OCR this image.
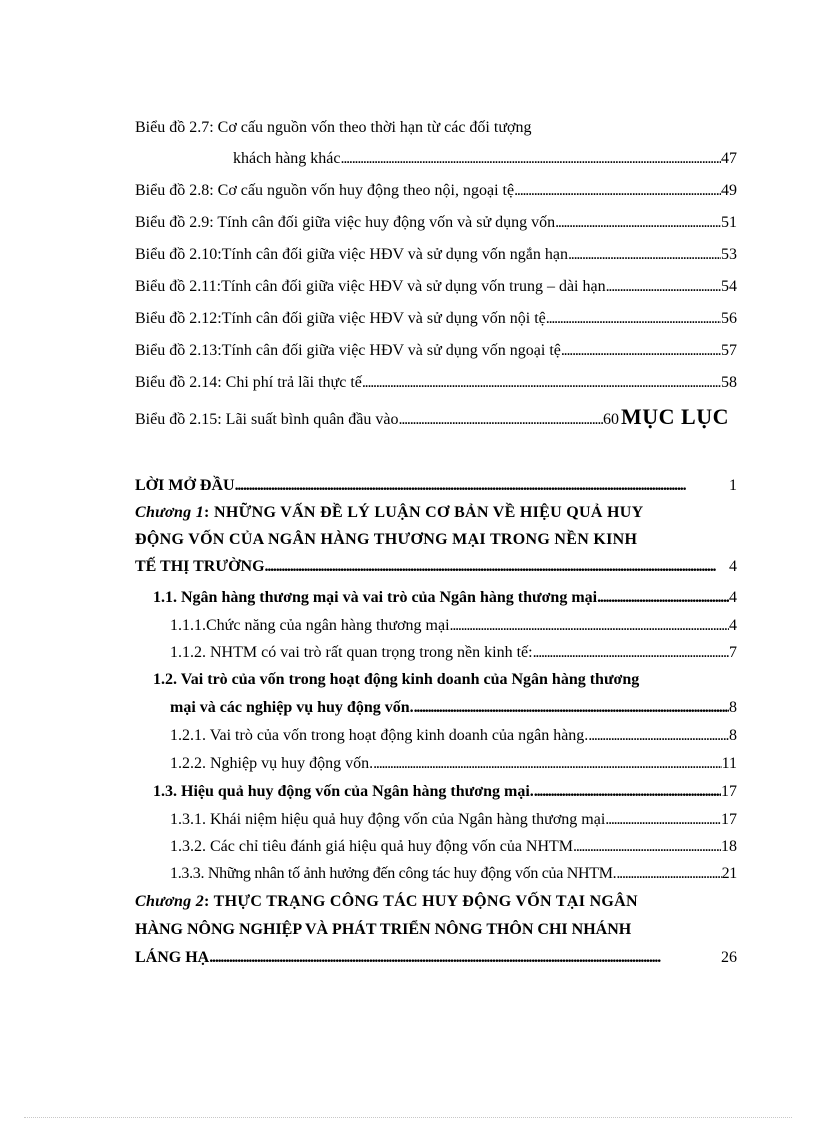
Biểu đồ 2.7: Cơ cấu nguồn vốn theo thời hạn từ các đối tượng
khách hàng khác . . .	47
Biểu đồ 2.8: Cơ cấu nguồn vốn huy động theo nội, ngoại tệ . . .	49
Biểu đồ 2.9: Tính cân đối giữa việc huy động vốn và sử dụng vốn . . .	51
Biểu đồ 2.10:Tính cân đối giữa việc HĐV và sử dụng vốn ngắn hạn . . .	53
Biểu đồ 2.11:Tính cân đối giữa việc HĐV và sử dụng vốn trung – dài hạn . . .	54
Biểu đồ 2.12:Tính cân đối giữa việc HĐV và sử dụng vốn nội tệ . . .	56
Biểu đồ 2.13:Tính cân đối giữa việc HĐV và sử dụng vốn ngoại tệ . . .	57
Biểu đồ 2.14: Chi phí trả lãi thực tế . . .	58
Biểu đồ 2.15: Lãi suất bình quân đầu vào . . .	60 MỤC LỤC
LỜI MỞ ĐẦU . . .	1
Chương 1: NHỮNG VẤN ĐỀ LÝ LUẬN CƠ BẢN VỀ HIỆU QUẢ HUY
ĐỘNG VỐN CỦA NGÂN HÀNG THƯƠNG MẠI TRONG NỀN KINH
TẾ THỊ TRƯỜNG . . .	4
1.1. Ngân hàng thương mại và vai trò của Ngân hàng thương mại . . .	4
1.1.1.Chức năng của ngân hàng thương mại . . .	4
1.1.2. NHTM có vai trò rất quan trọng trong nền kinh tế: . . .	7
1.2. Vai trò của vốn trong hoạt động kinh doanh của Ngân hàng thương
mại và các nghiệp vụ huy động vốn. . . .	8
1.2.1. Vai trò của vốn trong hoạt động kinh doanh của ngân hàng. . . .	8
1.2.2. Nghiệp vụ huy động vốn. . . .	11
1.3. Hiệu quả huy động vốn của Ngân hàng thương mại. . . .	17
1.3.1. Khái niệm hiệu quả huy động vốn của Ngân hàng thương mại . . .	17
1.3.2. Các chỉ tiêu đánh giá hiệu quả huy động vốn của NHTM . . .	18
1.3.3. Những nhân tố ảnh hưởng đến công tác huy động vốn của NHTM. . . .	21
Chương 2: THỰC TRẠNG CÔNG TÁC HUY ĐỘNG VỐN TẠI NGÂN
HÀNG NÔNG NGHIỆP VÀ PHÁT TRIỂN NÔNG THÔN CHI NHÁNH
LÁNG HẠ . . .	26
